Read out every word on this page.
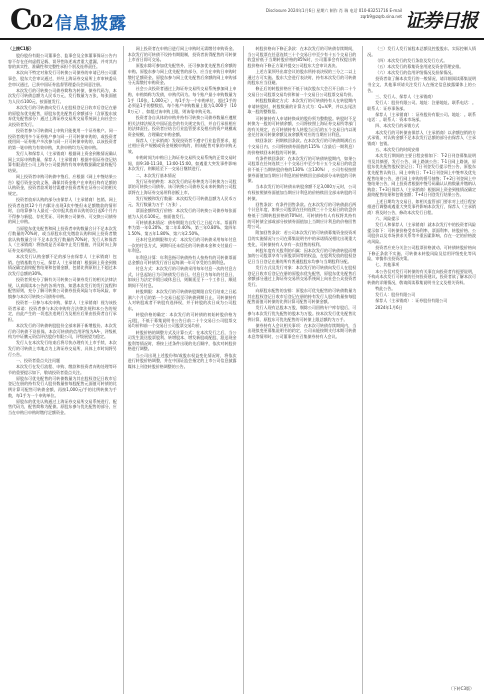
C
02 信息披露
Disclosure 2024年1月6日 星期六 制作 肖 瑞 电话 010-83251716 E-mail zqrb9@zqrb.sina.net 证券日报
（上接C1版）
股份股份有限公司董事会、监事会及全体董事保证公告内容不存在任何虚假记载、误导性陈述或者重大遗漏，并对其内容的真实性、准确性和完整性承担个别及连带责任。
本次向不特定对象发行可转换公司债券的申请已经公司董事会、股东大会审议通过，并经上海证券交易所上市审核委员会审议通过，已获中国证券监督管理委员会同意注册。
本次发行的可转换公司债券简称为转债，债券代码为，本次发行可转债总额为人民币万元，发行数量为万张，每张面值为人民币100元，按面值发行。
本次发行的可转债向发行人在股权登记日收市后登记在册的原股东优先配售，原股东优先配售后余额部分（含原股东放弃优先配售部分）通过上海证券交易所交易系统网上向社会公众投资者发行。
投资者参与可转债网上申购只能使用一个证券账户。同一投资者使用多个证券账户参与同一只可转债申购的，或投资者使用同一证券账户多次参与同一只可转债申购的，以该投资者的第一笔申购为有效申购，其余申购均为无效申购。
发行人和保荐人（主承销商）根据网上资金到账情况确认网上实际申购数量，保荐人（主承销商）根据中国证券登记结算有限责任公司上海分公司提供的有效申购数据确定最终配号结果。
网上投资者申购可转债中签后，应根据《网上中签结果公告》履行资金交收义务，确保其资金账户在申购日终有足额的认购资金，投资者款项划付需遵守投资者所在证券公司的相关规定。
投资者放弃认购的部分由保荐人（主承销商）包销。网上投资者连续12个月内累计出现3次中签但未足额缴款的情形时，自结算参与人最近一次申报其放弃认购的次日起6个月内不得参与新股、存托凭证、可转换公司债券、可交换公司债券的网上申购。
当原股东优先配售和网上投资者申购数量合计不足本次发行数量的70%时，或当原股东优先缴款认购和网上投资者缴款认购数量合计不足本次发行数量的70%时，发行人和保荐人（主承销商）将协商是否采取中止发行措施，并及时向上海证券交易所报告。
本次发行认购金额不足的部分由保荐人（主承销商）包销。包销基数为万元，保荐人（主承销商）根据网上资金到账情况确定最终配售结果和包销金额，包销比例原则上不超过本次发行总额的30%。
投资者须充分了解有关可转换公司债券发行的相关法律法规，认真阅读本公告的各项内容，知悉本次发行的发行流程和配售原则，充分了解可转换公司债券投资风险与市场风险，审慎参与本次可转换公司债券申购。
投资者一旦参与本次申购，保荐人（主承销商）视为该投资者承诺：投资者参与本次申购符合法律法规和本公告的规定，由此产生的一切违法违规行为及相应后果由投资者自行承担。
本次发行的可转债转股股份全部来源于新增股份。本次发行的可转债不设担保。本次可转债的信用评级为AA-，评级机构为中证鹏元资信评估股份有限公司，评级展望为稳定。
发行人在本次发行结束后将尽快办理有关上市手续，本次发行的可转债上市地点为上海证券交易所，具体上市时间将另行公告。
一、投资者重点关注问题
本次发行在发行流程、申购、缴款和投资者弃购处理等环节的重要提示如下，敬请投资者重点关注。
原股东可优先配售的可转债数量为其在股权登记日收市后登记在册的持有发行人股份数量按每股配售元面值可转债的比例计算可配售可转债金额，再按1,000元/手的比例转换为手数，每1手为一个申购单位。
原股东的优先认购通过上海证券交易所交易系统进行，配售代码为，配售简称为配债。原股东参与优先配售的部分，应当在申购日申购时缴付足额资金。
网上投资者在申购日进行网上申购时无需缴付申购资金。本次发行的可转债不设持有期限制，投资者获得配售的可转债上市首日即可交易。
原股东除可参加优先配售外，还可参加优先配售后余额的申购。原股东参与网上优先配售的部分，应当在申购日申购时缴付足额资金。原股东参与网上优先配售后余额的网上申购部分无需缴付申购资金。
社会公众投资者通过上海证券交易所交易系统参加网上申购，申购简称为发债，申购代码为。每个账户最小申购数量为1手（10张，1,000元），每1手为一个申购单位，超过1手的必须是1手的整数倍，每个账户申购数量上限为1,000手（100万元），如超过该申购上限，则该笔申购无效。
投资者各自具体的申购并持有可转换公司债券数量应遵照相关法律法规及中国证监会的有关规定执行，并自行承担相应的法律责任。投资者应结合行业监管要求及相应的资产规模或资金规模，合理确定申购金额。
保荐人（主承销商）发现投资者不遵守行业监管要求，超过相应资产规模或资金规模申购的，则该配售对象的申购无效。
申购时间为申购日上海证券交易所交易系统的正常交易时间，即9:30-11:30，13:00-15:00。如遇重大突发事件影响本次发行，则顺延至下一交易日继续进行。
二、本次发行基本情况
发行证券的种类：本次发行的证券种类为可转换为公司股票的可转换公司债券。该可转换公司债券及未来转换的公司股票将在上海证券交易所科创板上市。
发行规模和发行数量：本次拟发行可转债总额为人民币万元，发行数量为万手（万张）。
票面金额和发行价格：本次发行的可转换公司债券每张面值为人民币100元，按面值发行。
可转债基本情况：债券期限为自发行之日起六年。票面利率为第一年0.20%、第二年0.40%、第三年0.80%、第四年1.50%、第五年1.80%、第六年2.50%。
还本付息的期限和方式：本次发行的可转债采用每年付息一次的付息方式，到期归还未偿还的可转债本金和支付最后一年利息。
年利息计算：年利息指可转债持有人按持有的可转债票面总金额自可转债发行首日起每满一年可享受的当期利息。
付息方式：本次发行的可转债采用每年付息一次的付息方式，计息起始日为可转债发行首日。付息日为每年的付息日，如该日为法定节假日或休息日，则顺延至下一个工作日，顺延期间不另付息。
转股期限：本次发行的可转债转股期限自发行结束之日起满六个月后的第一个交易日起至可转债到期日止。可转债持有人对转股或者不转股有选择权，并于转股的次日成为公司股东。
转股价格的确定：本次发行的可转债的初始转股价格为元/股，不低于募集说明书公告日前二十个交易日公司股票交易均价和前一个交易日公司股票交易均价。
转股价格的调整方式及计算公式：在本次发行之后，当公司发生派送股票股利、转增股本、增发新股或配股、派送现金股利等情况时，将按上述条件出现的先后顺序，依次对转股价格进行调整。
当公司出现上述股份和/或股东权益变化情况时，将依次进行转股价格调整，并在中国证监会指定的上市公司信息披露媒体上刊登转股价格调整的公告。
转股价格向下修正条款：在本次发行的可转债存续期间，当公司股票在任意连续三十个交易日中至少有十五个交易日的收盘价低于当期转股价格的85%时，公司董事会有权提出转股价格向下修正方案并提交公司股东大会审议表决。
上述方案须经出席会议的股东所持表决权的三分之二以上通过方可实施。股东大会进行表决时，持有本次发行的可转债的股东应当回避。
修正后的转股价格应不低于该次股东大会召开日前二十个交易日公司股票交易均价和前一个交易日公司股票交易均价。
转股股数确定方式：本次发行的可转债持有人在转股期内申请转股时，转股数量的计算方式为：Q=V/P，并以去尾法取一股的整数倍。
可转债持有人申请转换成的股份须为整数股。转股时不足转换为一股的可转债余额，公司将按照上海证券交易所等部门的有关规定，在可转债持有人转股当日后的五个交易日内以现金兑付该可转债余额及该余额所对应的当期应计利息。
赎回条款：到期赎回条款。在本次发行的可转债期满后五个交易日内，公司将按债券面值的115%（含最后一期利息）的价格赎回未转股的可转债。
有条件赎回条款：在本次发行的可转债转股期内，如果公司股票在任何连续三十个交易日中至少有十五个交易日的收盘价不低于当期转股价格的130%（含130%），公司有权按照债券面值加当期应计利息的价格赎回全部或部分未转股的可转债。
当本次发行的可转债未转股余额不足3,000万元时，公司有权按照债券面值加当期应计利息的价格赎回全部未转股的可转债。
回售条款：有条件回售条款。在本次发行的可转债最后两个计息年度，如果公司股票在任何连续三十个交易日的收盘价格低于当期转股价格的70%时，可转债持有人有权将其持有的可转债全部或部分按债券面值加上当期应计利息的价格回售给公司。
附加回售条款：若公司本次发行的可转债募集资金投资项目的实施情况与公司在募集说明书中的承诺情况相比出现重大变化，可转债持有人享有一次回售的权利。
转股年度有关股利的归属：因本次发行的可转债转股而增加的公司股票享有与原股票同等的权益，在股利发放的股权登记日当日登记在册的所有普通股股东均参与当期股利分配。
发行方式及发行对象：本次发行的可转债向发行人在股权登记日收市后登记在册的原股东优先配售，原股东优先配售后余额部分通过上海证券交易所交易系统网上向社会公众投资者发行。
向原股东配售的安排：原股东可优先配售的可转债数量为其在股权登记日收市后登记在册的持有发行人股份数量按每股配售面值可转债的比例计算可配售可转债金额。
发行人现有总股本万股，剔除公司回购专户库存股后，可参与本次发行优先配售的股本为万股。按本次发行优先配售比例计算，原股东可优先配售的可转债上限总额约为万手。
债券持有人会议相关事项：在本次可转债存续期间内，当出现拟变更募集说明书的约定、公司未能按期支付本期可转债本息等情形时，公司董事会应召集债券持有人会议。
（三）发行人发行前股本总额及控股股东、实际控制人情况。
（四）本次发行的发行条款及发行方式。
（五）本次发行的募集资金用途及资金管理安排。
（六）本次发行的信用评级情况及担保情况。
投资者欲了解本次发行的一般情况，请详细阅读募集说明书全文，其他事项请关注发行人在指定信息披露媒体上的公告。
三、发行人、保荐人（主承销商）
发行人：股份有限公司。地址：注册地址。联系电话：。联系人：证券事务部。
保荐人（主承销商）：证券股份有限公司。地址：。联系电话：。联系人：资本市场部。
四、本次发行的承销方式
本次发行的可转债由保荐人（主承销商）以余额包销的方式承销，对认购金额不足本次发行总额的部分由保荐人（主承销商）包销。
五、本次发行的时间安排
本次发行期间的主要日程安排如下：T-2日刊登募集说明书及其摘要、发行公告、网上路演公告；T-1日网上路演、原股东优先配售股权登记日；T日刊登发行提示性公告，原股东优先配售认购日，网上申购日；T+1日刊登网上中签率及优先配售结果公告，进行网上申购的摇号抽签；T+2日刊登网上中签结果公告，网上投资者根据中签号码确认认购数量并缴纳认购款；T+3日保荐人（主承销商）根据网上资金到账情况确定最终配售结果和包销金额；T+4日刊登发行结果公告。
上述日期均为交易日，如相关监管部门要求对上述日程安排进行调整或遇重大突发事件影响本次发行，保荐人（主承销商）将及时公告，修改本次发行日程。
六、风险提示
发行人和保荐人（主承销商）就本次发行中的投资者风险提示如下：可转债价格受市场利率、票面利率、转股价格、公司股价以及市场供求关系等多重因素影响，存在一定的价格波动风险。
投资者应充分关注公司股票价格波动、可转债转股价格向下修正条款不实施、可转债未转股风险及信用评级变化等风险，审慎作出投资决策。
七、其他事项
本公告仅对发行可转债的有关事宜向投资者作扼要说明，不构成本次发行可转债的任何投资建议。投资者欲了解本次可转债的详细情况，敬请阅读募集说明书全文及相关资料。
特此公告。
发行人：股份有限公司
保荐人（主承销商）：证券股份有限公司
2024年1月6日
（下转C3版）
